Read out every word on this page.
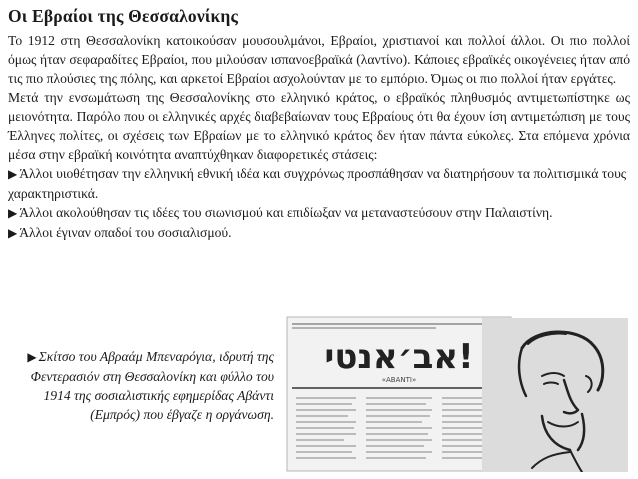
Οι Εβραίοι της Θεσσαλονίκης

Το 1912 στη Θεσσαλονίκη κατοικούσαν μουσουλμάνοι, Εβραίοι, χριστιανοί και πολλοί άλλοι. Οι πιο πολλοί όμως ήταν σεφαραδίτες Εβραίοι, που μιλούσαν ισπανοεβραϊκά (λαντίνο). Κάποιες εβραϊκές οικογένειες ήταν από τις πιο πλούσιες της πόλης, και αρκετοί Εβραίοι ασχολούνταν με το εμπόριο. Όμως οι πιο πολλοί ήταν εργάτες.

Μετά την ενσωμάτωση της Θεσσαλονίκης στο ελληνικό κράτος, ο εβραϊκός πληθυσμός αντιμετωπίστηκε ως μειονότητα. Παρόλο που οι ελληνικές αρχές διαβεβαίωναν τους Εβραίους ότι θα έχουν ίση αντιμετώπιση με τους Έλληνες πολίτες, οι σχέσεις των Εβραίων με το ελληνικό κράτος δεν ήταν πάντα εύκολες. Στα επόμενα χρόνια μέσα στην εβραϊκή κοινότητα αναπτύχθηκαν διαφορετικές στάσεις:

▶ Άλλοι υιοθέτησαν την ελληνική εθνική ιδέα και συγχρόνως προσπάθησαν να διατηρήσουν τα πολιτισμικά τους χαρακτηριστικά.

▶ Άλλοι ακολούθησαν τις ιδέες του σιωνισμού και επιδίωξαν να μεταναστεύσουν στην Παλαιστίνη.

▶ Άλλοι έγιναν οπαδοί του σοσιαλισμού.

▶ Σκίτσο του Αβραάμ Μπεναρόγια, ιδρυτή της Φεντερασιόν στη Θεσσαλονίκη και φύλλο του 1914 της σοσιαλιστικής εφημερίδας Αβάντι (Εμπρός) που έβγαζε η οργάνωση.
אב׳אנטי!
«ΑΒΑΝΤΙ»
